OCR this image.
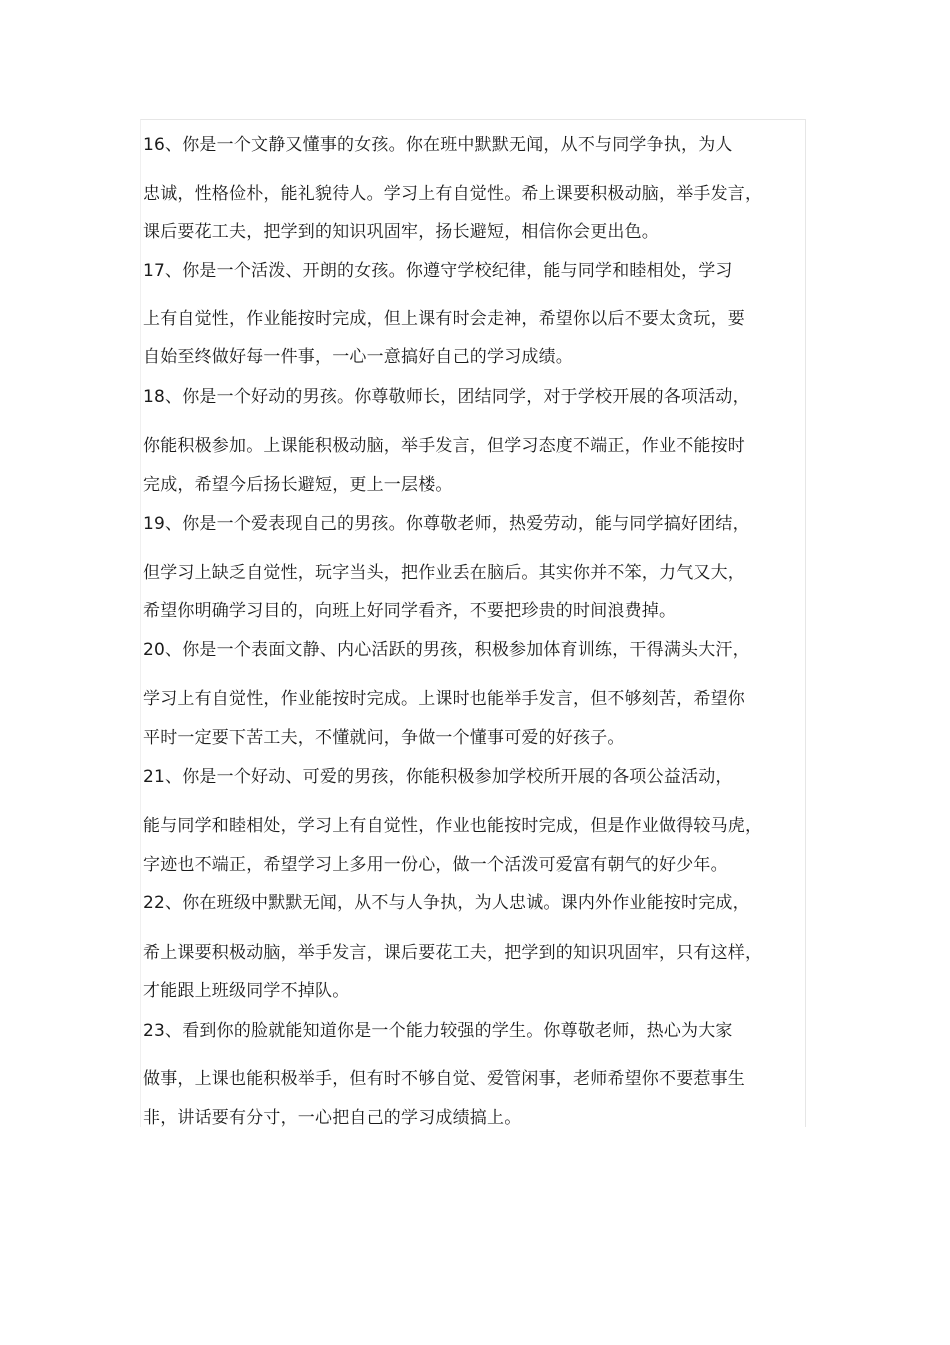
16、你是一个文静又懂事的女孩。你在班中默默无闻，从不与同学争执，为人
忠诚，性格俭朴，能礼貌待人。学习上有自觉性。希上课要积极动脑，举手发言，
课后要花工夫，把学到的知识巩固牢，扬长避短，相信你会更出色。
17、你是一个活泼、开朗的女孩。你遵守学校纪律，能与同学和睦相处，学习
上有自觉性，作业能按时完成，但上课有时会走神，希望你以后不要太贪玩，要
自始至终做好每一件事，一心一意搞好自己的学习成绩。
18、你是一个好动的男孩。你尊敬师长，团结同学，对于学校开展的各项活动，
你能积极参加。上课能积极动脑，举手发言，但学习态度不端正，作业不能按时
完成，希望今后扬长避短，更上一层楼。
19、你是一个爱表现自己的男孩。你尊敬老师，热爱劳动，能与同学搞好团结，
但学习上缺乏自觉性，玩字当头，把作业丢在脑后。其实你并不笨，力气又大，
希望你明确学习目的，向班上好同学看齐，不要把珍贵的时间浪费掉。
20、你是一个表面文静、内心活跃的男孩，积极参加体育训练，干得满头大汗，
学习上有自觉性，作业能按时完成。上课时也能举手发言，但不够刻苦，希望你
平时一定要下苦工夫，不懂就问，争做一个懂事可爱的好孩子。
21、你是一个好动、可爱的男孩，你能积极参加学校所开展的各项公益活动，
能与同学和睦相处，学习上有自觉性，作业也能按时完成，但是作业做得较马虎，
字迹也不端正，希望学习上多用一份心，做一个活泼可爱富有朝气的好少年。
22、你在班级中默默无闻，从不与人争执，为人忠诚。课内外作业能按时完成，
希上课要积极动脑，举手发言，课后要花工夫，把学到的知识巩固牢，只有这样，
才能跟上班级同学不掉队。
23、看到你的脸就能知道你是一个能力较强的学生。你尊敬老师，热心为大家
做事，上课也能积极举手，但有时不够自觉、爱管闲事，老师希望你不要惹事生
非，讲话要有分寸，一心把自己的学习成绩搞上。
